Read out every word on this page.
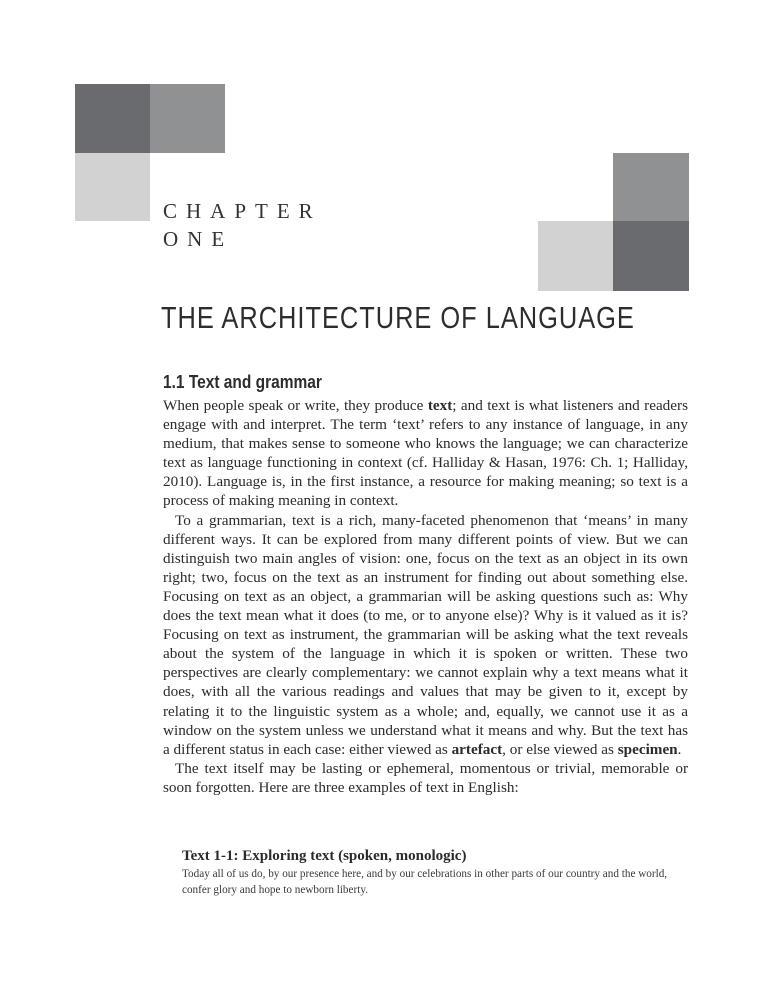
CHAPTER
ONE
THE ARCHITECTURE OF LANGUAGE
1.1 Text and grammar

When people speak or write, they produce text; and text is what listeners and readers engage with and interpret. The term ‘text’ refers to any instance of language, in any medium, that makes sense to someone who knows the language; we can characterize text as language functioning in context (cf. Halliday & Hasan, 1976: Ch. 1; Halliday, 2010). Language is, in the first instance, a resource for making meaning; so text is a process of making meaning in context.

To a grammarian, text is a rich, many-faceted phenomenon that ‘means’ in many different ways. It can be explored from many different points of view. But we can distinguish two main angles of vision: one, focus on the text as an object in its own right; two, focus on the text as an instrument for finding out about something else. Focusing on text as an object, a grammarian will be asking questions such as: Why does the text mean what it does (to me, or to anyone else)? Why is it valued as it is? Focusing on text as instrument, the grammarian will be asking what the text reveals about the system of the language in which it is spoken or written. These two perspectives are clearly complementary: we cannot explain why a text means what it does, with all the various readings and values that may be given to it, except by relating it to the linguistic system as a whole; and, equally, we cannot use it as a window on the system unless we understand what it means and why. But the text has a different status in each case: either viewed as artefact, or else viewed as specimen.

The text itself may be lasting or ephemeral, momentous or trivial, memorable or soon forgotten. Here are three examples of text in English:

Text 1-1: Exploring text (spoken, monologic)
Today all of us do, by our presence here, and by our celebrations in other parts of our country and the world, confer glory and hope to newborn liberty.
